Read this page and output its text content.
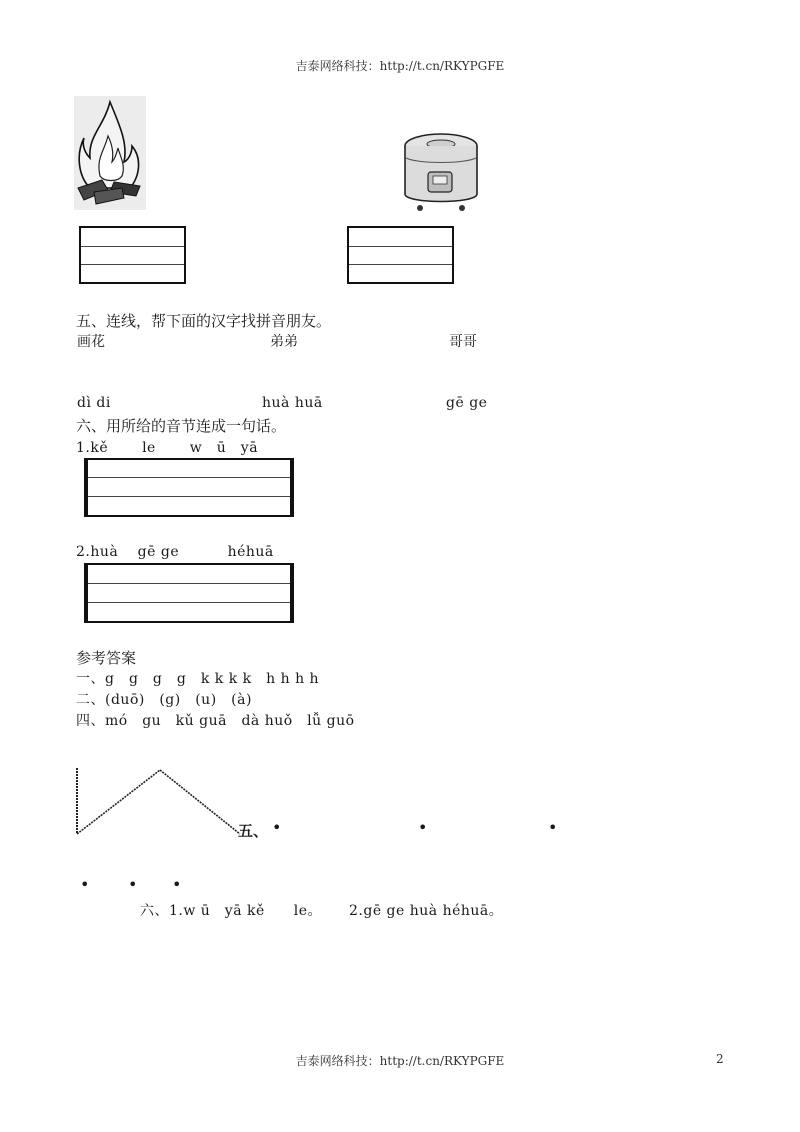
吉泰网络科技：http://t.cn/RKYPGFE
五、连线，帮下面的汉字找拼音朋友。
画花	弟弟	哥哥
dì di	huà huā	gē ge
六、用所给的音节连成一句话。
1.kě　　 le　　 w　ū　yā
2.huà　 gē ge　　　 héhuā
参考答案
一、g　g　g　g　k k k k　h h h h
二、(duō)　(g)　(u)　(à)
四、mó　gu　kǔ guā　dà huǒ　lǚ guō
五、 •	•	•
• • •
六、1.w ū　yā kě　　le。　　 2.gē ge huà héhuā。
吉泰网络科技：http://t.cn/RKYPGFE	2
